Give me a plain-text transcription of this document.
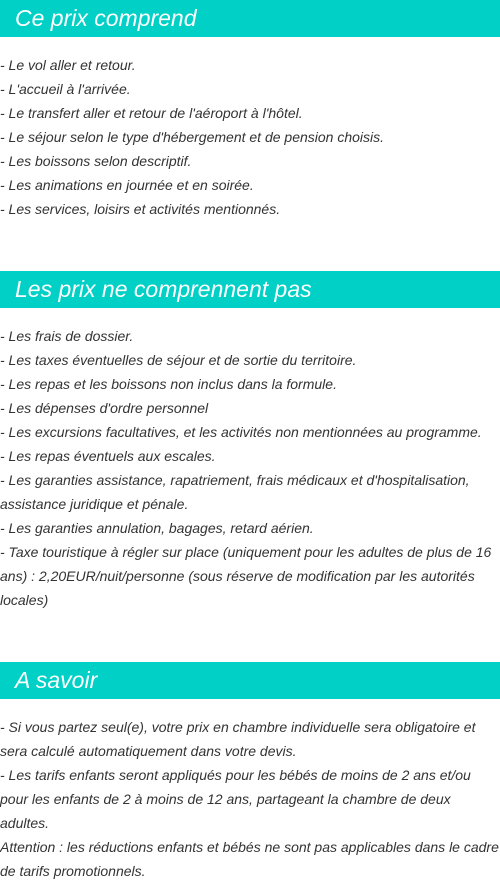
Ce prix comprend
- Le vol aller et retour.
- L'accueil à l'arrivée.
- Le transfert aller et retour de l'aéroport à l'hôtel.
- Le séjour selon le type d'hébergement et de pension choisis.
- Les boissons selon descriptif.
- Les animations en journée et en soirée.
- Les services, loisirs et activités mentionnés.
Les prix ne comprennent pas
- Les frais de dossier.
- Les taxes éventuelles de séjour et de sortie du territoire.
- Les repas et les boissons non inclus dans la formule.
- Les dépenses d'ordre personnel
- Les excursions facultatives, et les activités non mentionnées au programme.
- Les repas éventuels aux escales.
- Les garanties assistance, rapatriement, frais médicaux et d'hospitalisation, assistance juridique et pénale.
- Les garanties annulation, bagages, retard aérien.
- Taxe touristique à régler sur place (uniquement pour les adultes de plus de 16 ans) : 2,20EUR/nuit/personne (sous réserve de modification par les autorités locales)
A savoir
- Si vous partez seul(e), votre prix en chambre individuelle sera obligatoire et sera calculé automatiquement dans votre devis.
- Les tarifs enfants seront appliqués pour les bébés de moins de 2 ans et/ou pour les enfants de 2 à moins de 12 ans, partageant la chambre de deux adultes.
Attention : les réductions enfants et bébés ne sont pas applicables dans le cadre de tarifs promotionnels.
